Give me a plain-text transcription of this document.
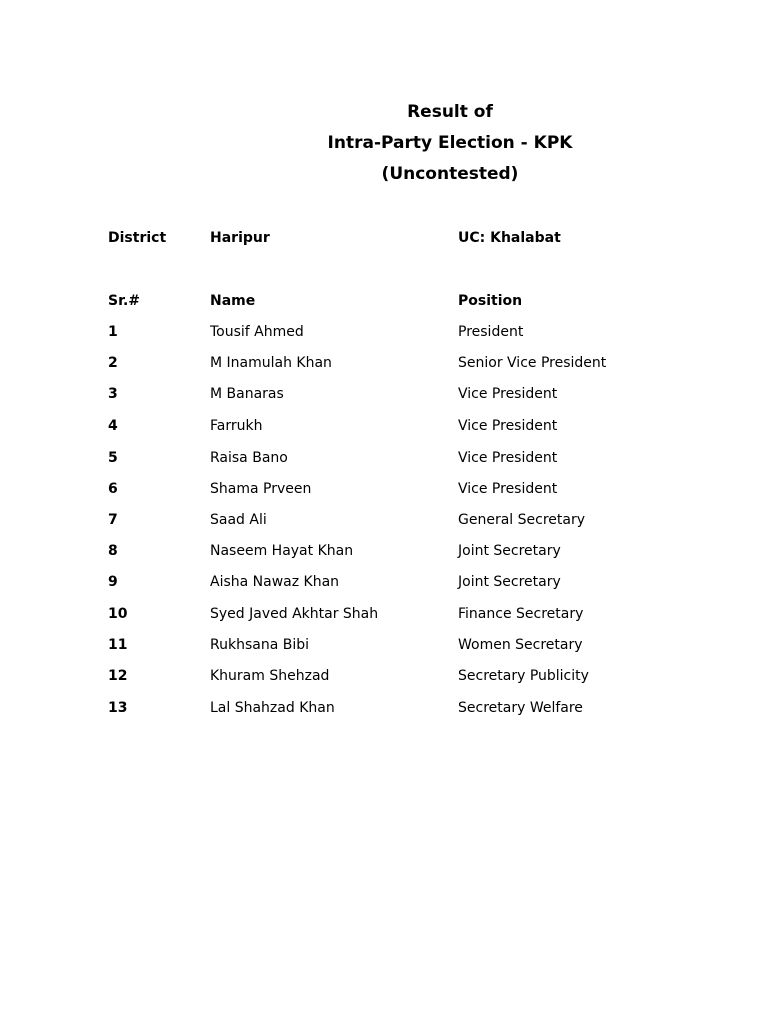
Result of
Intra-Party Election - KPK
(Uncontested)
District	Haripur	UC: Khalabat
Sr.#	Name	Position
1	Tousif Ahmed	President
2	M Inamulah Khan	Senior Vice President
3	M Banaras	Vice President
4	Farrukh	Vice President
5	Raisa Bano	Vice President
6	Shama Prveen	Vice President
7	Saad Ali	General Secretary
8	Naseem Hayat Khan	Joint Secretary
9	Aisha Nawaz Khan	Joint Secretary
10	Syed Javed Akhtar Shah	Finance Secretary
11	Rukhsana Bibi	Women Secretary
12	Khuram Shehzad	Secretary Publicity
13	Lal Shahzad Khan	Secretary Welfare
